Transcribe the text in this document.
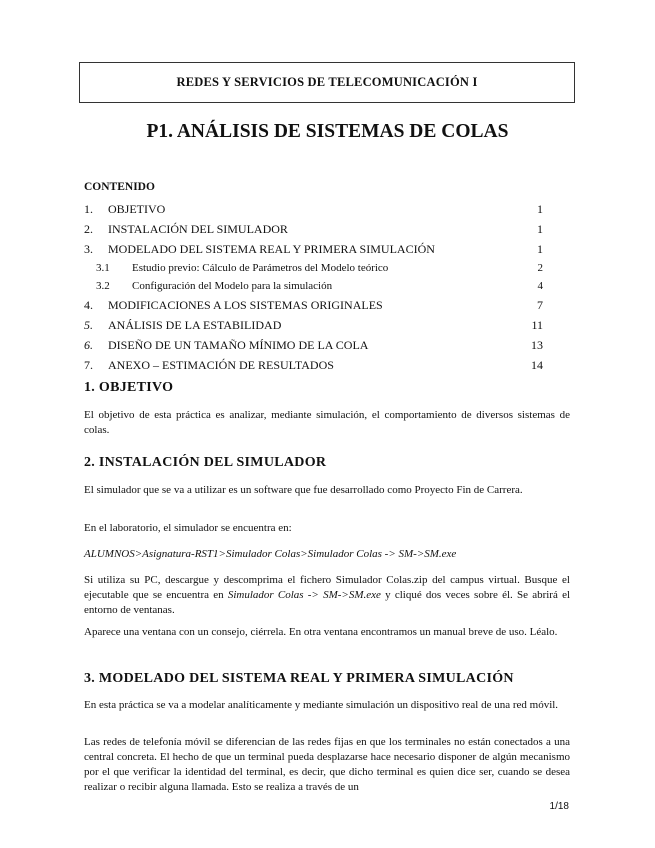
REDES Y SERVICIOS DE TELECOMUNICACIÓN I
P1. ANÁLISIS DE SISTEMAS DE COLAS
CONTENIDO
1. OBJETIVO	1
2. INSTALACIÓN DEL SIMULADOR	1
3. MODELADO DEL SISTEMA REAL Y PRIMERA SIMULACIÓN	1
3.1 Estudio previo: Cálculo de Parámetros del Modelo teórico	2
3.2 Configuración del Modelo para la simulación	4
4. MODIFICACIONES A LOS SISTEMAS ORIGINALES	7
5. ANÁLISIS DE LA ESTABILIDAD	11
6. DISEÑO DE UN TAMAÑO MÍNIMO DE LA COLA	13
7. ANEXO – ESTIMACIÓN DE RESULTADOS	14
1. OBJETIVO
El objetivo de esta práctica es analizar, mediante simulación, el comportamiento de diversos sistemas de colas.
2. INSTALACIÓN DEL SIMULADOR
El simulador que se va a utilizar es un software que fue desarrollado como Proyecto Fin de Carrera.
En el laboratorio, el simulador se encuentra en:
ALUMNOS>Asignatura-RST1>Simulador Colas>Simulador Colas -> SM->SM.exe
Si utiliza su PC, descargue y descomprima el fichero Simulador Colas.zip del campus virtual. Busque el ejecutable que se encuentra en Simulador Colas -> SM->SM.exe y cliqué dos veces sobre él. Se abrirá el entorno de ventanas.
Aparece una ventana con un consejo, ciérrela. En otra ventana encontramos un manual breve de uso. Léalo.
3. MODELADO DEL SISTEMA REAL Y PRIMERA SIMULACIÓN
En esta práctica se va a modelar analíticamente y mediante simulación un dispositivo real de una red móvil.
Las redes de telefonía móvil se diferencian de las redes fijas en que los terminales no están conectados a una central concreta. El hecho de que un terminal pueda desplazarse hace necesario disponer de algún mecanismo por el que verificar la identidad del terminal, es decir, que dicho terminal es quien dice ser, cuando se desea realizar o recibir alguna llamada. Esto se realiza a través de un
1/18
